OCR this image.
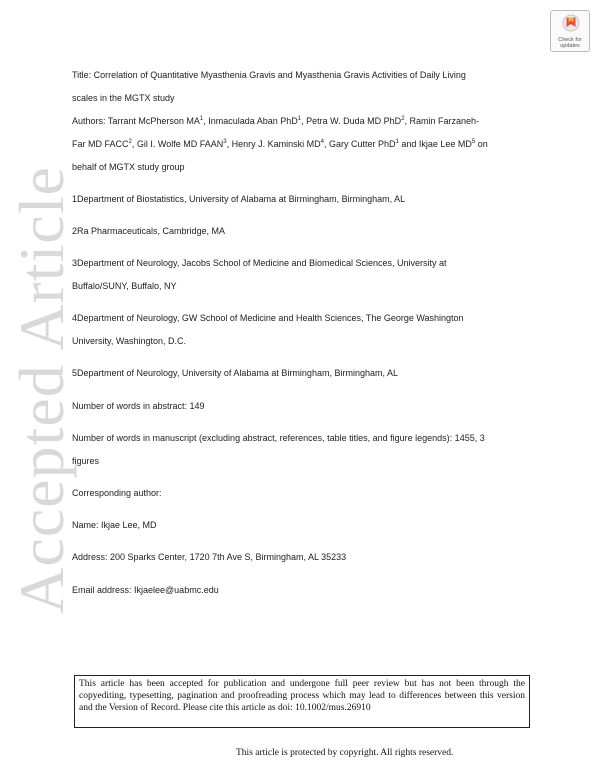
Accepted Article
Check for
updates
Title: Correlation of Quantitative Myasthenia Gravis and Myasthenia Gravis Activities of Daily Living
scales in the MGTX study
Authors: Tarrant McPherson $MA^1$, Inmaculada Aban PhD$^1$, Petra W. Duda MD PhD$^2$, Ramin Farzaneh-
Far MD FACC$^2$, Gil I. Wolfe MD FAAN$^3$, Henry J. Kaminski $MD^4$, Gary Cutter PhD$^1$ and Ikjae Lee $MD^5$ on
behalf of MGTX study group
1Department of Biostatistics, University of Alabama at Birmingham, Birmingham, AL
2Ra Pharmaceuticals, Cambridge, MA
3Department of Neurology, Jacobs School of Medicine and Biomedical Sciences, University at
Buffalo/SUNY, Buffalo, NY
4Department of Neurology, GW School of Medicine and Health Sciences, The George Washington
University, Washington, D.C.
5Department of Neurology, University of Alabama at Birmingham, Birmingham, AL
Number of words in abstract: 149
Number of words in manuscript (excluding abstract, references, table titles, and figure legends): 1455, 3
figures
Corresponding author:
Name: Ikjae Lee, MD
Address: 200 Sparks Center, 1720 7th Ave S, Birmingham, AL 35233
Email address: Ikjaelee@uabmc.edu
This article has been accepted for publication and undergone full peer review but has not been through the copyediting, typesetting, pagination and proofreading process which may lead to differences between this version and the Version of Record. Please cite this article as doi: 10.1002/mus.26910
This article is protected by copyright. All rights reserved.
